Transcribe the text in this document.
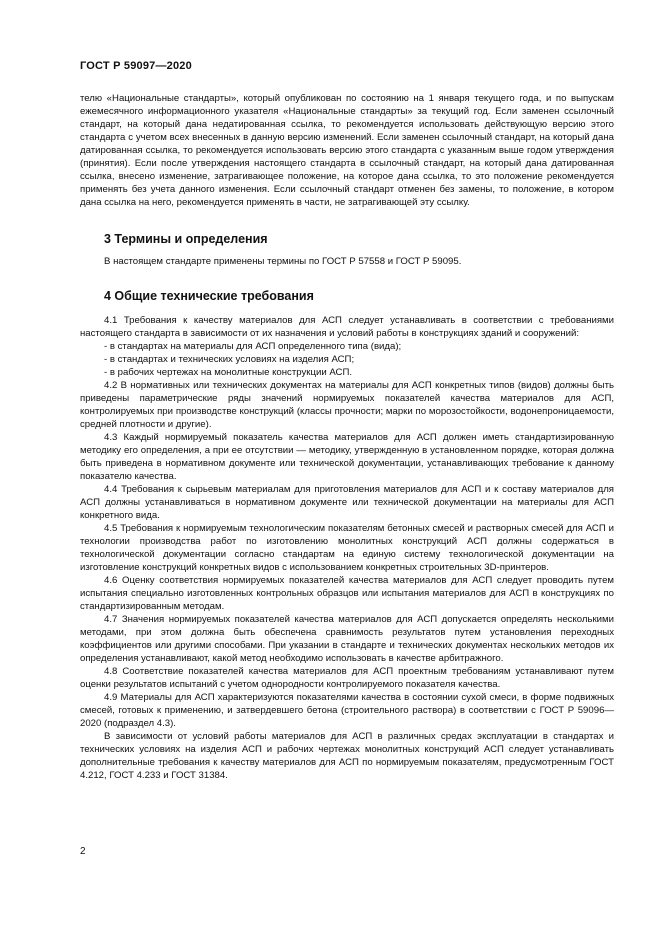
ГОСТ Р 59097—2020

телю «Национальные стандарты», который опубликован по состоянию на 1 января текущего года, и по выпускам ежемесячного информационного указателя «Национальные стандарты» за текущий год. Если заменен ссылочный стандарт, на который дана недатированная ссылка, то рекомендуется использовать действующую версию этого стандарта с учетом всех внесенных в данную версию изменений. Если заменен ссылочный стандарт, на который дана датированная ссылка, то рекомендуется использовать версию этого стандарта с указанным выше годом утверждения (принятия). Если после утверждения настоящего стандарта в ссылочный стандарт, на который дана датированная ссылка, внесено изменение, затрагивающее положение, на которое дана ссылка, то это положение рекомендуется применять без учета данного изменения. Если ссылочный стандарт отменен без замены, то положение, в котором дана ссылка на него, рекомендуется применять в части, не затрагивающей эту ссылку.

3 Термины и определения

В настоящем стандарте применены термины по ГОСТ Р 57558 и ГОСТ Р 59095.

4 Общие технические требования

4.1 Требования к качеству материалов для АСП следует устанавливать в соответствии с требованиями настоящего стандарта в зависимости от их назначения и условий работы в конструкциях зданий и сооружений:

- в стандартах на материалы для АСП определенного типа (вида);

- в стандартах и технических условиях на изделия АСП;

- в рабочих чертежах на монолитные конструкции АСП.

4.2 В нормативных или технических документах на материалы для АСП конкретных типов (видов) должны быть приведены параметрические ряды значений нормируемых показателей качества материалов для АСП, контролируемых при производстве конструкций (классы прочности; марки по морозостойкости, водонепроницаемости, средней плотности и другие).

4.3 Каждый нормируемый показатель качества материалов для АСП должен иметь стандартизированную методику его определения, а при ее отсутствии — методику, утвержденную в установленном порядке, которая должна быть приведена в нормативном документе или технической документации, устанавливающих требование к данному показателю качества.

4.4 Требования к сырьевым материалам для приготовления материалов для АСП и к составу материалов для АСП должны устанавливаться в нормативном документе или технической документации на материалы для АСП конкретного вида.

4.5 Требования к нормируемым технологическим показателям бетонных смесей и растворных смесей для АСП и технологии производства работ по изготовлению монолитных конструкций АСП должны содержаться в технологической документации согласно стандартам на единую систему технологической документации на изготовление конструкций конкретных видов с использованием конкретных строительных 3D-принтеров.

4.6 Оценку соответствия нормируемых показателей качества материалов для АСП следует проводить путем испытания специально изготовленных контрольных образцов или испытания материалов для АСП в конструкциях по стандартизированным методам.

4.7 Значения нормируемых показателей качества материалов для АСП допускается определять несколькими методами, при этом должна быть обеспечена сравнимость результатов путем установления переходных коэффициентов или другими способами. При указании в стандарте и технических документах нескольких методов их определения устанавливают, какой метод необходимо использовать в качестве арбитражного.

4.8 Соответствие показателей качества материалов для АСП проектным требованиям устанавливают путем оценки результатов испытаний с учетом однородности контролируемого показателя качества.

4.9 Материалы для АСП характеризуются показателями качества в состоянии сухой смеси, в форме подвижных смесей, готовых к применению, и затвердевшего бетона (строительного раствора) в соответствии с ГОСТ Р 59096—2020 (подраздел 4.3).

В зависимости от условий работы материалов для АСП в различных средах эксплуатации в стандартах и технических условиях на изделия АСП и рабочих чертежах монолитных конструкций АСП следует устанавливать дополнительные требования к качеству материалов для АСП по нормируемым показателям, предусмотренным ГОСТ 4.212, ГОСТ 4.233 и ГОСТ 31384.

2
